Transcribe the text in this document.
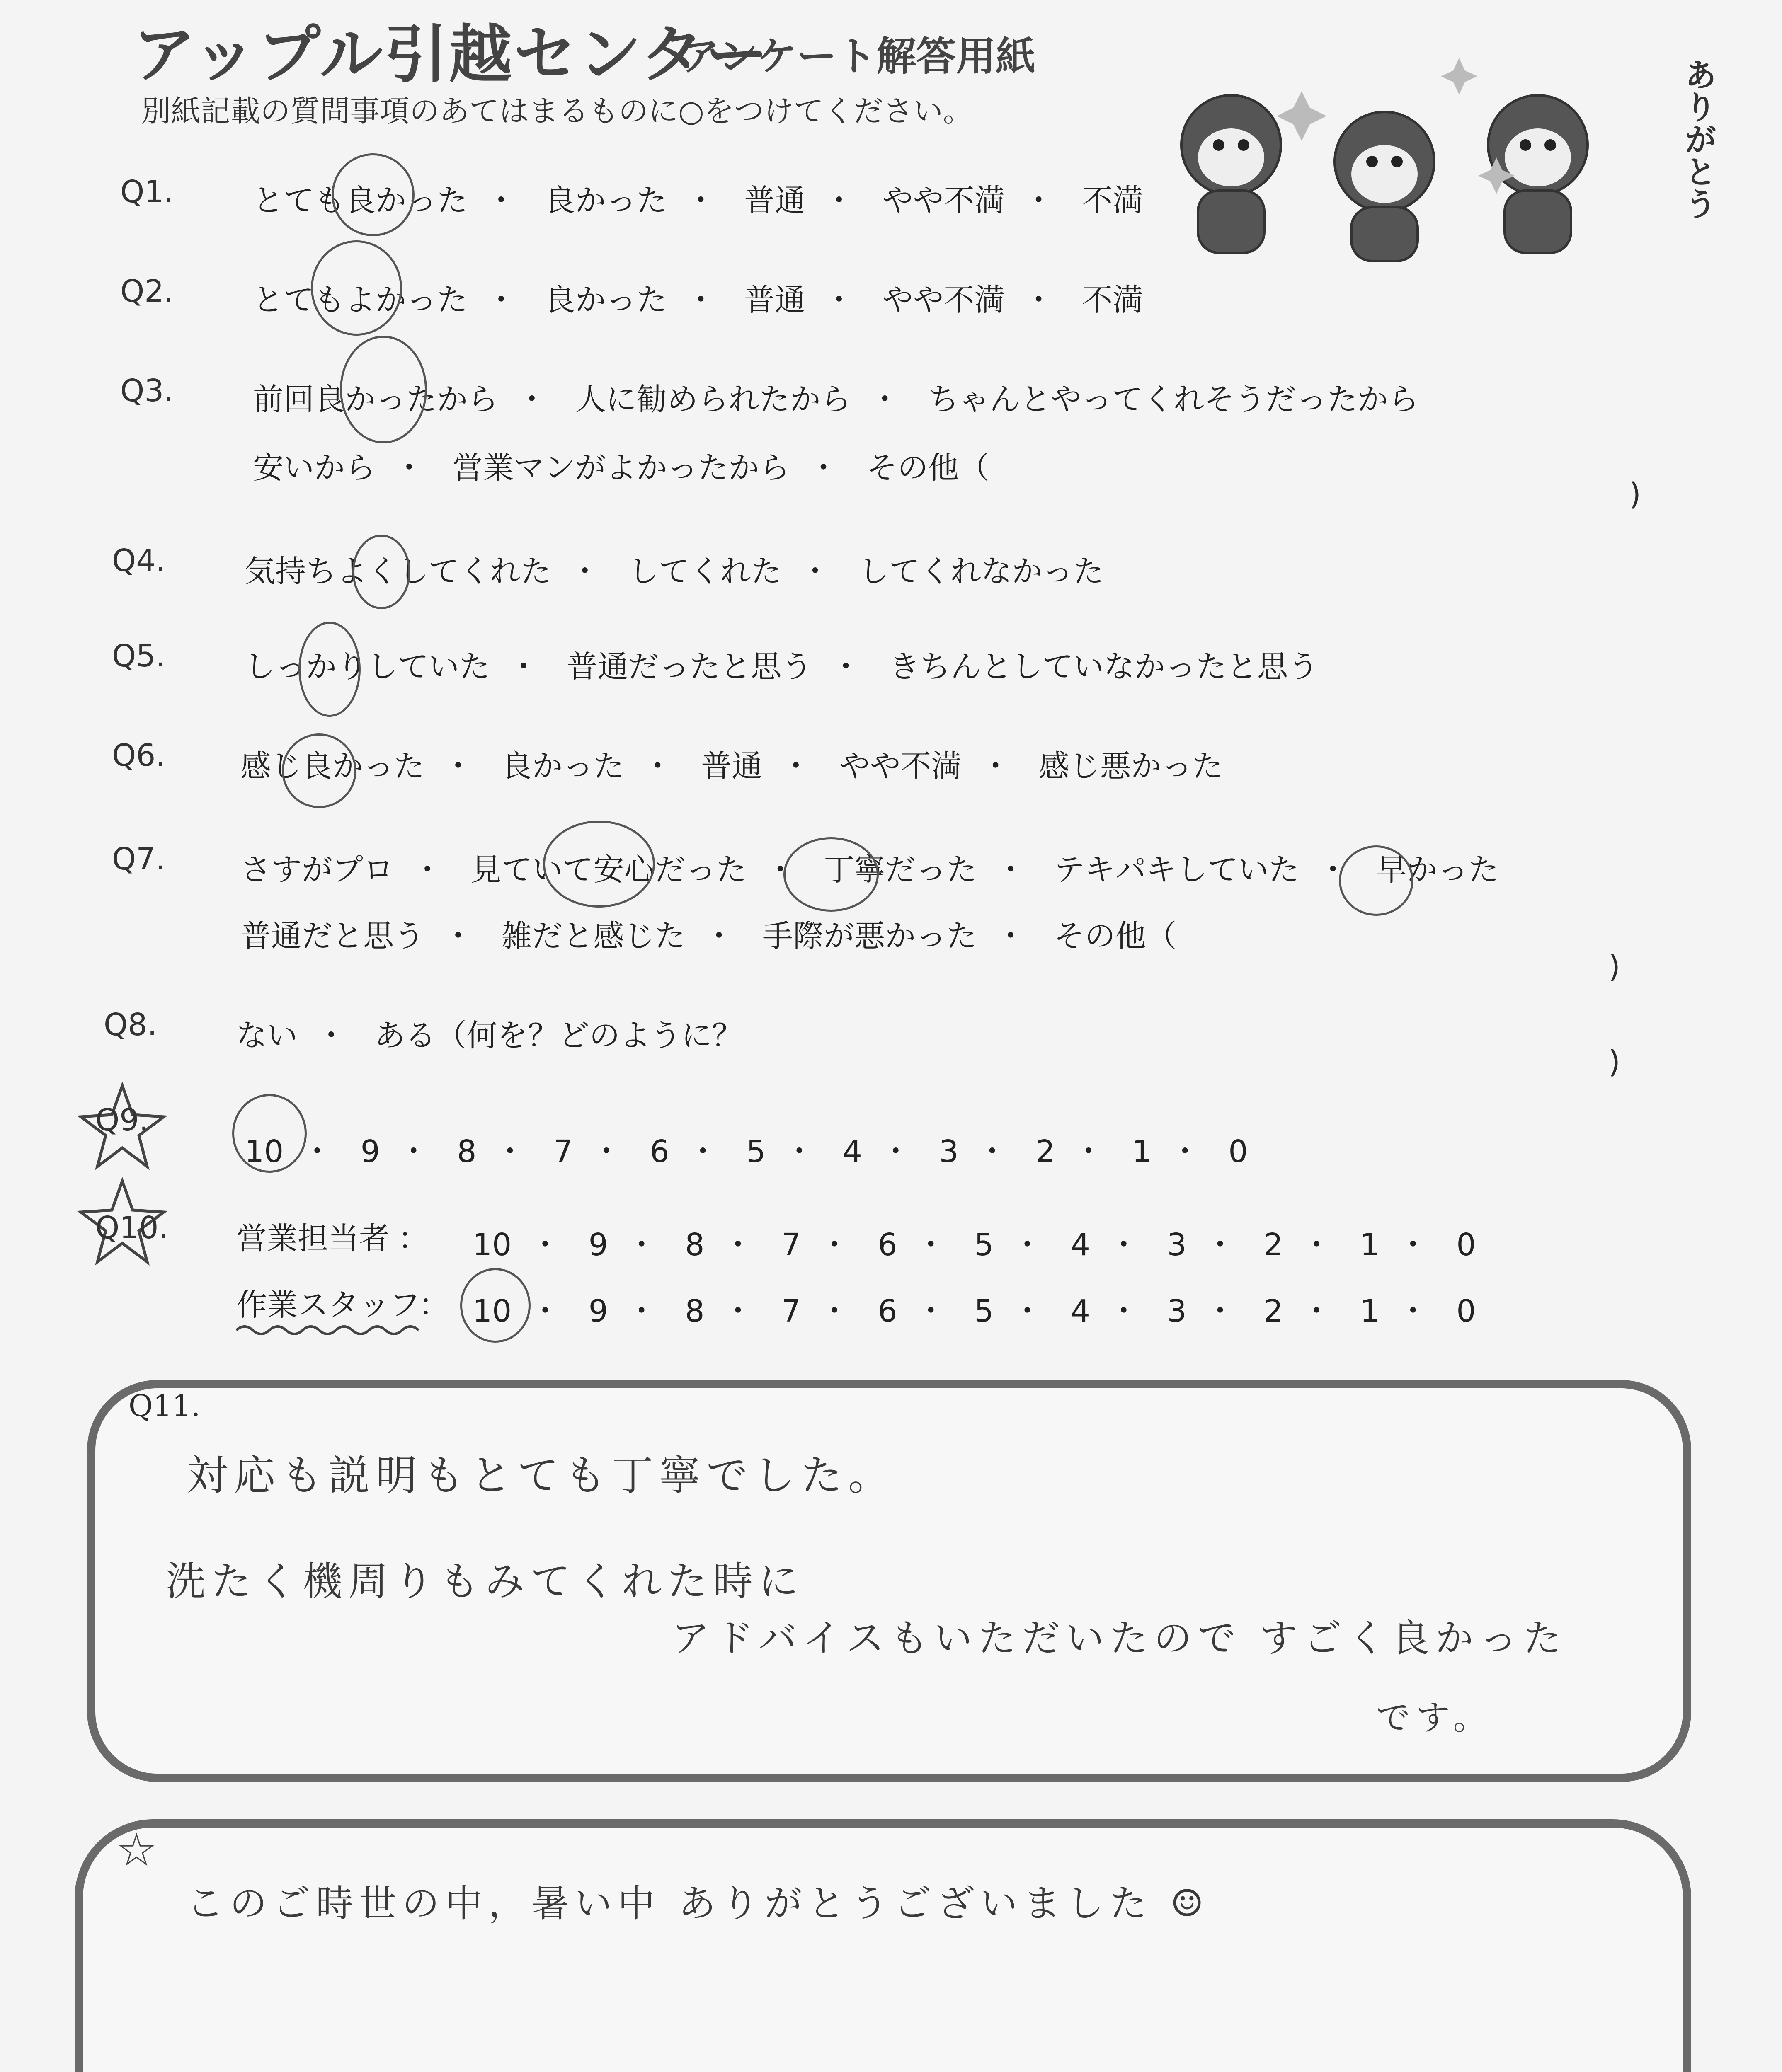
アップル引越センター
アンケート解答用紙
別紙記載の質問事項のあてはまるものに○をつけてください。	ありがとう
Q1.	とても良かった ・ 良かった ・ 普通 ・ やや不満 ・ 不満
Q2.	とてもよかった ・ 良かった ・ 普通 ・ やや不満 ・ 不満
Q3.	前回良かったから ・ 人に勧められたから ・ ちゃんとやってくれそうだったから
安いから ・ 営業マンがよかったから ・ その他（
)
Q4.	気持ちよくしてくれた ・ してくれた ・ してくれなかった
Q5.	しっかりしていた ・ 普通だったと思う ・ きちんとしていなかったと思う
Q6. 感じ良かった ・ 良かった ・ 普通 ・ やや不満 ・ 感じ悪かった
Q7. さすがプロ ・ 見ていて安心だった ・ 丁寧だった ・ テキパキしていた ・ 早かった
普通だと思う ・ 雑だと感じた ・ 手際が悪かった ・ その他（
)
Q8.	ない ・ ある（何を？どのように？
)
Q9.
10 ・ 9 ・ 8 ・ 7 ・ 6 ・ 5 ・ 4 ・ 3 ・ 2 ・ 1 ・ 0
Q10. 営業担当者 ： 10 ・ 9 ・ 8 ・ 7 ・ 6 ・ 5 ・ 4 ・ 3 ・ 2 ・ 1 ・ 0
作業スタッフ
： 10 ・ 9 ・ 8 ・ 7 ・ 6 ・ 5 ・ 4 ・ 3 ・ 2 ・ 1 ・ 0
Q11.
対応も説明もとても丁寧でした。
洗たく機周りもみてくれた時に
アドバイスもいただいたので すごく良かった
です。
☆
このご時世の中，暑い中 ありがとうございました ☺
